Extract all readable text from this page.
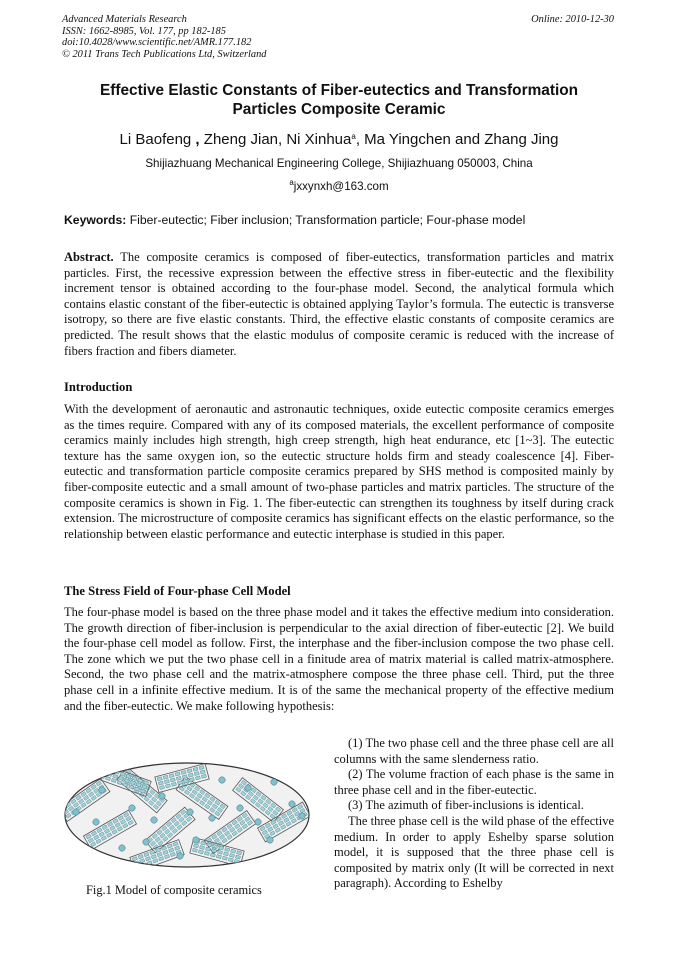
Advanced Materials Research
ISSN: 1662-8985, Vol. 177, pp 182-185
doi:10.4028/www.scientific.net/AMR.177.182
© 2011 Trans Tech Publications Ltd, Switzerland
Online: 2010-12-30
Effective Elastic Constants of Fiber-eutectics and Transformation
Particles Composite Ceramic
Li Baofeng , Zheng Jian, Ni Xinhua$^a$, Ma Yingchen and Zhang Jing
Shijiazhuang Mechanical Engineering College, Shijiazhuang 050003, China
$^a$jxxynxh@163.com
Keywords: Fiber-eutectic; Fiber inclusion; Transformation particle; Four-phase model
Abstract. The composite ceramics is composed of fiber-eutectics, transformation particles and matrix particles. First, the recessive expression between the effective stress in fiber-eutectic and the flexibility increment tensor is obtained according to the four-phase model. Second, the analytical formula which contains elastic constant of the fiber-eutectic is obtained applying Taylor’s formula. The eutectic is transverse isotropy, so there are five elastic constants. Third, the effective elastic constants of composite ceramics are predicted. The result shows that the elastic modulus of composite ceramic is reduced with the increase of fibers fraction and fibers diameter.
Introduction
With the development of aeronautic and astronautic techniques, oxide eutectic composite ceramics emerges as the times require. Compared with any of its composed materials, the excellent performance of composite ceramics mainly includes high strength, high creep strength, high heat endurance, etc [1~3]. The eutectic texture has the same oxygen ion, so the eutectic structure holds firm and steady coalescence [4]. Fiber-eutectic and transformation particle composite ceramics prepared by SHS method is composited mainly by fiber-composite eutectic and a small amount of two-phase particles and matrix particles. The structure of the composite ceramics is shown in Fig. 1. The fiber-eutectic can strengthen its toughness by itself during crack extension. The microstructure of composite ceramics has significant effects on the elastic performance, so the relationship between elastic performance and eutectic interphase is studied in this paper.
The Stress Field of Four-phase Cell Model
The four-phase model is based on the three phase model and it takes the effective medium into consideration. The growth direction of fiber-inclusion is perpendicular to the axial direction of fiber-eutectic [2]. We build the four-phase cell model as follow. First, the interphase and the fiber-inclusion compose the two phase cell. The zone which we put the two phase cell in a finitude area of matrix material is called matrix-atmosphere. Second, the two phase cell and the matrix-atmosphere compose the three phase cell. Third, put the three phase cell in a infinite effective medium. It is of the same the mechanical property of the effective medium and the fiber-eutectic. We make following hypothesis:

(1) The two phase cell and the three phase cell are all columns with the same slenderness ratio.

(2) The volume fraction of each phase is the same in three phase cell and in the fiber-eutectic.

(3) The azimuth of fiber-inclusions is identical.

The three phase cell is the wild phase of the effective medium. In order to apply Eshelby sparse solution model, it is supposed that the three phase cell is composited by matrix only (It will be corrected in next paragraph). According to Eshelby

Fig.1 Model of composite ceramics
